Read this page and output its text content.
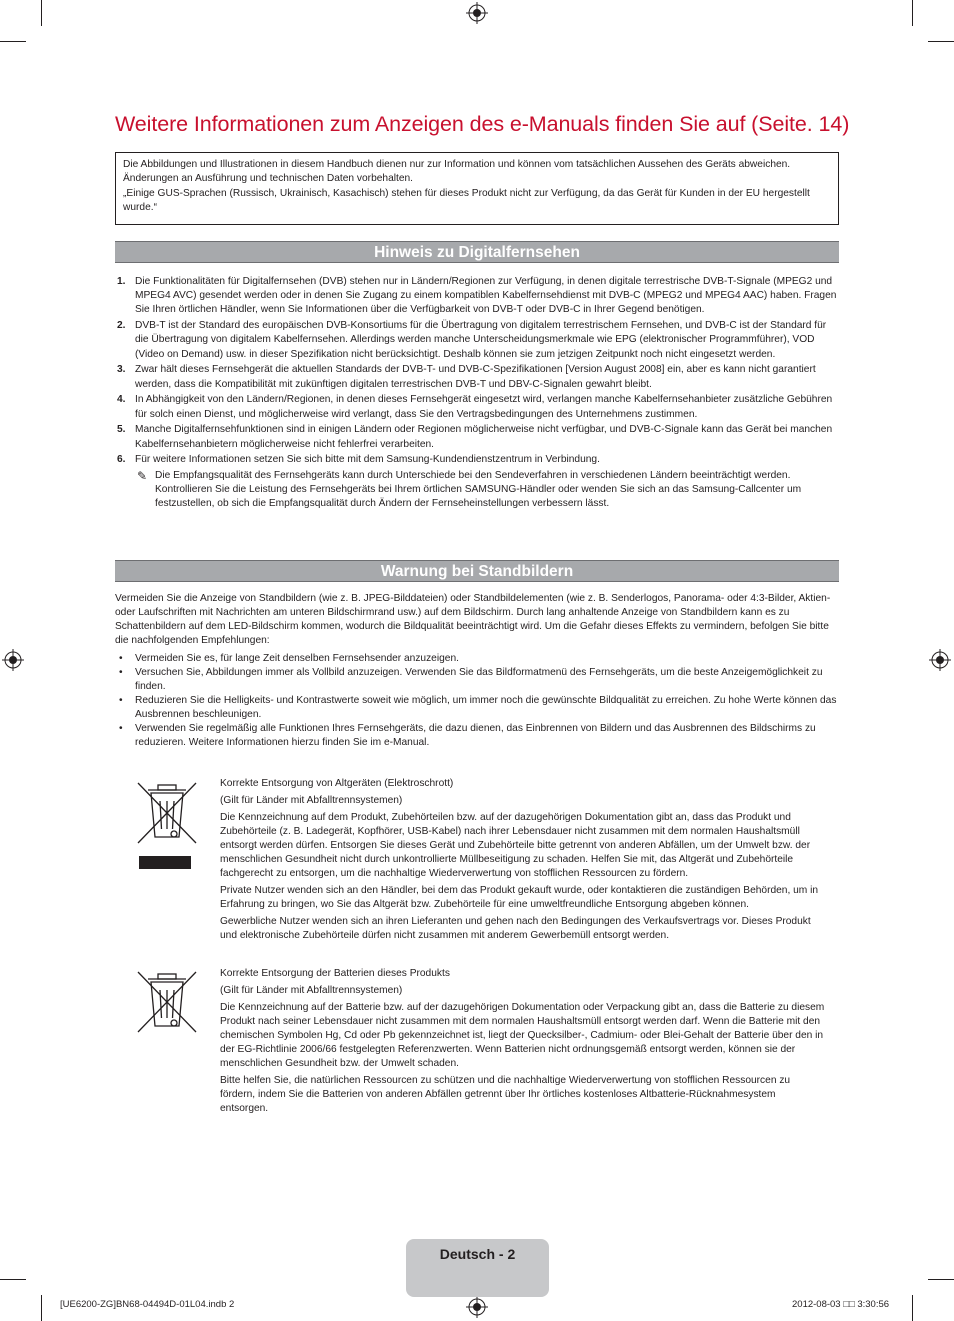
Weitere Informationen zum Anzeigen des e-Manuals finden Sie auf (Seite. 14)

Die Abbildungen und Illustrationen in diesem Handbuch dienen nur zur Information und können vom tatsächlichen Aussehen des Geräts abweichen. Änderungen an Ausführung und technischen Daten vorbehalten.

„Einige GUS-Sprachen (Russisch, Ukrainisch, Kasachisch) stehen für dieses Produkt nicht zur Verfügung, da das Gerät für Kunden in der EU hergestellt wurde.“

Hinweis zu Digitalfernsehen
1. Die Funktionalitäten für Digitalfernsehen (DVB) stehen nur in Ländern/Regionen zur Verfügung, in denen digitale terrestrische DVB-T-Signale (MPEG2 und MPEG4 AVC) gesendet werden oder in denen Sie Zugang zu einem kompatiblen Kabelfernsehdienst mit DVB-C (MPEG2 und MPEG4 AAC) haben. Fragen Sie Ihren örtlichen Händler, wenn Sie Informationen über die Verfügbarkeit von DVB-T oder DVB-C in Ihrer Gegend benötigen.
2. DVB-T ist der Standard des europäischen DVB-Konsortiums für die Übertragung von digitalem terrestrischem Fernsehen, und DVB-C ist der Standard für die Übertragung von digitalem Kabelfernsehen. Allerdings werden manche Unterscheidungsmerkmale wie EPG (elektronischer Programmführer), VOD (Video on Demand) usw. in dieser Spezifikation nicht berücksichtigt. Deshalb können sie zum jetzigen Zeitpunkt noch nicht eingesetzt werden.
3. Zwar hält dieses Fernsehgerät die aktuellen Standards der DVB-T- und DVB-C-Spezifikationen [Version August 2008] ein, aber es kann nicht garantiert werden, dass die Kompatibilität mit zukünftigen digitalen terrestrischen DVB-T und DBV-C-Signalen gewahrt bleibt.
4. In Abhängigkeit von den Ländern/Regionen, in denen dieses Fernsehgerät eingesetzt wird, verlangen manche Kabelfernsehanbieter zusätzliche Gebühren für solch einen Dienst, und möglicherweise wird verlangt, dass Sie den Vertragsbedingungen des Unternehmens zustimmen.
5. Manche Digitalfernsehfunktionen sind in einigen Ländern oder Regionen möglicherweise nicht verfügbar, und DVB-C-Signale kann das Gerät bei manchen Kabelfernsehanbietern möglicherweise nicht fehlerfrei verarbeiten.
6. Für weitere Informationen setzen Sie sich bitte mit dem Samsung-Kundendienstzentrum in Verbindung.
✎ Die Empfangsqualität des Fernsehgeräts kann durch Unterschiede bei den Sendeverfahren in verschiedenen Ländern beeinträchtigt werden. Kontrollieren Sie die Leistung des Fernsehgeräts bei Ihrem örtlichen SAMSUNG-Händler oder wenden Sie sich an das Samsung-Callcenter um festzustellen, ob sich die Empfangsqualität durch Ändern der Fernseheinstellungen verbessern lässt.
Warnung bei Standbildern

Vermeiden Sie die Anzeige von Standbildern (wie z. B. JPEG-Bilddateien) oder Standbildelementen (wie z. B. Senderlogos, Panorama- oder 4:3-Bilder, Aktien- oder Laufschriften mit Nachrichten am unteren Bildschirmrand usw.) auf dem Bildschirm. Durch lang anhaltende Anzeige von Standbildern kann es zu Schattenbildern auf dem LED-Bildschirm kommen, wodurch die Bildqualität beeinträchtigt wird. Um die Gefahr dieses Effekts zu vermindern, befolgen Sie bitte die nachfolgenden Empfehlungen:

• Vermeiden Sie es, für lange Zeit denselben Fernsehsender anzuzeigen.
• Versuchen Sie, Abbildungen immer als Vollbild anzuzeigen. Verwenden Sie das Bildformatmenü des Fernsehgeräts, um die beste Anzeigemöglichkeit zu finden.
• Reduzieren Sie die Helligkeits- und Kontrastwerte soweit wie möglich, um immer noch die gewünschte Bildqualität zu erreichen. Zu hohe Werte können das Ausbrennen beschleunigen.
• Verwenden Sie regelmäßig alle Funktionen Ihres Fernsehgeräts, die dazu dienen, das Einbrennen von Bildern und das Ausbrennen des Bildschirms zu reduzieren. Weitere Informationen hierzu finden Sie im e-Manual.
Korrekte Entsorgung von Altgeräten (Elektroschrott)
(Gilt für Länder mit Abfalltrennsystemen)

Die Kennzeichnung auf dem Produkt, Zubehörteilen bzw. auf der dazugehörigen Dokumentation gibt an, dass das Produkt und Zubehörteile (z. B. Ladegerät, Kopfhörer, USB-Kabel) nach ihrer Lebensdauer nicht zusammen mit dem normalen Haushaltsmüll entsorgt werden dürfen. Entsorgen Sie dieses Gerät und Zubehörteile bitte getrennt von anderen Abfällen, um der Umwelt bzw. der menschlichen Gesundheit nicht durch unkontrollierte Müllbeseitigung zu schaden. Helfen Sie mit, das Altgerät und Zubehörteile fachgerecht zu entsorgen, um die nachhaltige Wiederverwertung von stofflichen Ressourcen zu fördern.

Private Nutzer wenden sich an den Händler, bei dem das Produkt gekauft wurde, oder kontaktieren die zuständigen Behörden, um in Erfahrung zu bringen, wo Sie das Altgerät bzw. Zubehörteile für eine umweltfreundliche Entsorgung abgeben können.

Gewerbliche Nutzer wenden sich an ihren Lieferanten und gehen nach den Bedingungen des Verkaufsvertrags vor. Dieses Produkt und elektronische Zubehörteile dürfen nicht zusammen mit anderem Gewerbemüll entsorgt werden.

Korrekte Entsorgung der Batterien dieses Produkts
(Gilt für Länder mit Abfalltrennsystemen)

Die Kennzeichnung auf der Batterie bzw. auf der dazugehörigen Dokumentation oder Verpackung gibt an, dass die Batterie zu diesem Produkt nach seiner Lebensdauer nicht zusammen mit dem normalen Haushaltsmüll entsorgt werden darf. Wenn die Batterie mit den chemischen Symbolen Hg, Cd oder Pb gekennzeichnet ist, liegt der Quecksilber-, Cadmium- oder Blei-Gehalt der Batterie über den in der EG-Richtlinie 2006/66 festgelegten Referenzwerten. Wenn Batterien nicht ordnungsgemäß entsorgt werden, können sie der menschlichen Gesundheit bzw. der Umwelt schaden.

Bitte helfen Sie, die natürlichen Ressourcen zu schützen und die nachhaltige Wiederverwertung von stofflichen Ressourcen zu fördern, indem Sie die Batterien von anderen Abfällen getrennt über Ihr örtliches kostenloses Altbatterie-Rücknahmesystem entsorgen.

Deutsch - 2
[UE6200-ZG]BN68-04494D-01L04.indb 2	2012-08-03 □□ 3:30:56
